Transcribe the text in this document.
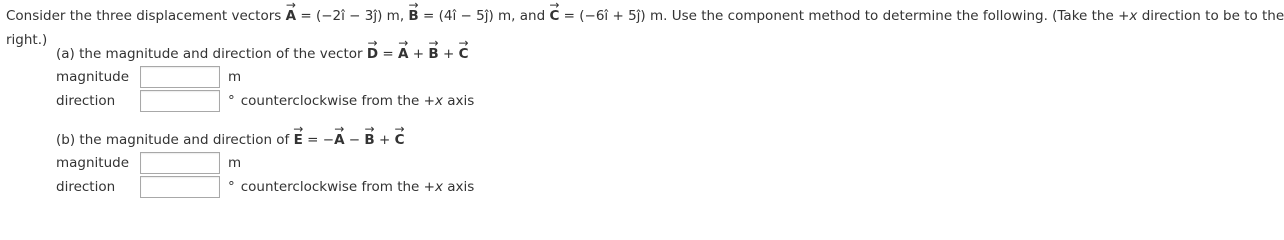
Consider the three displacement vectors → A = (−2î − 3ĵ) m, → B = (4î − 5ĵ) m, and → C = (−6î + 5ĵ) m. Use the component method to determine the following. (Take the +x direction to be to the
right.)
(a) the magnitude and direction of the vector → D = → A + → B + → C
magnitude	m
direction	° counterclockwise from the +x axis
(b) the magnitude and direction of → E = −→ A − → B + → C
magnitude	m
direction	° counterclockwise from the +x axis
